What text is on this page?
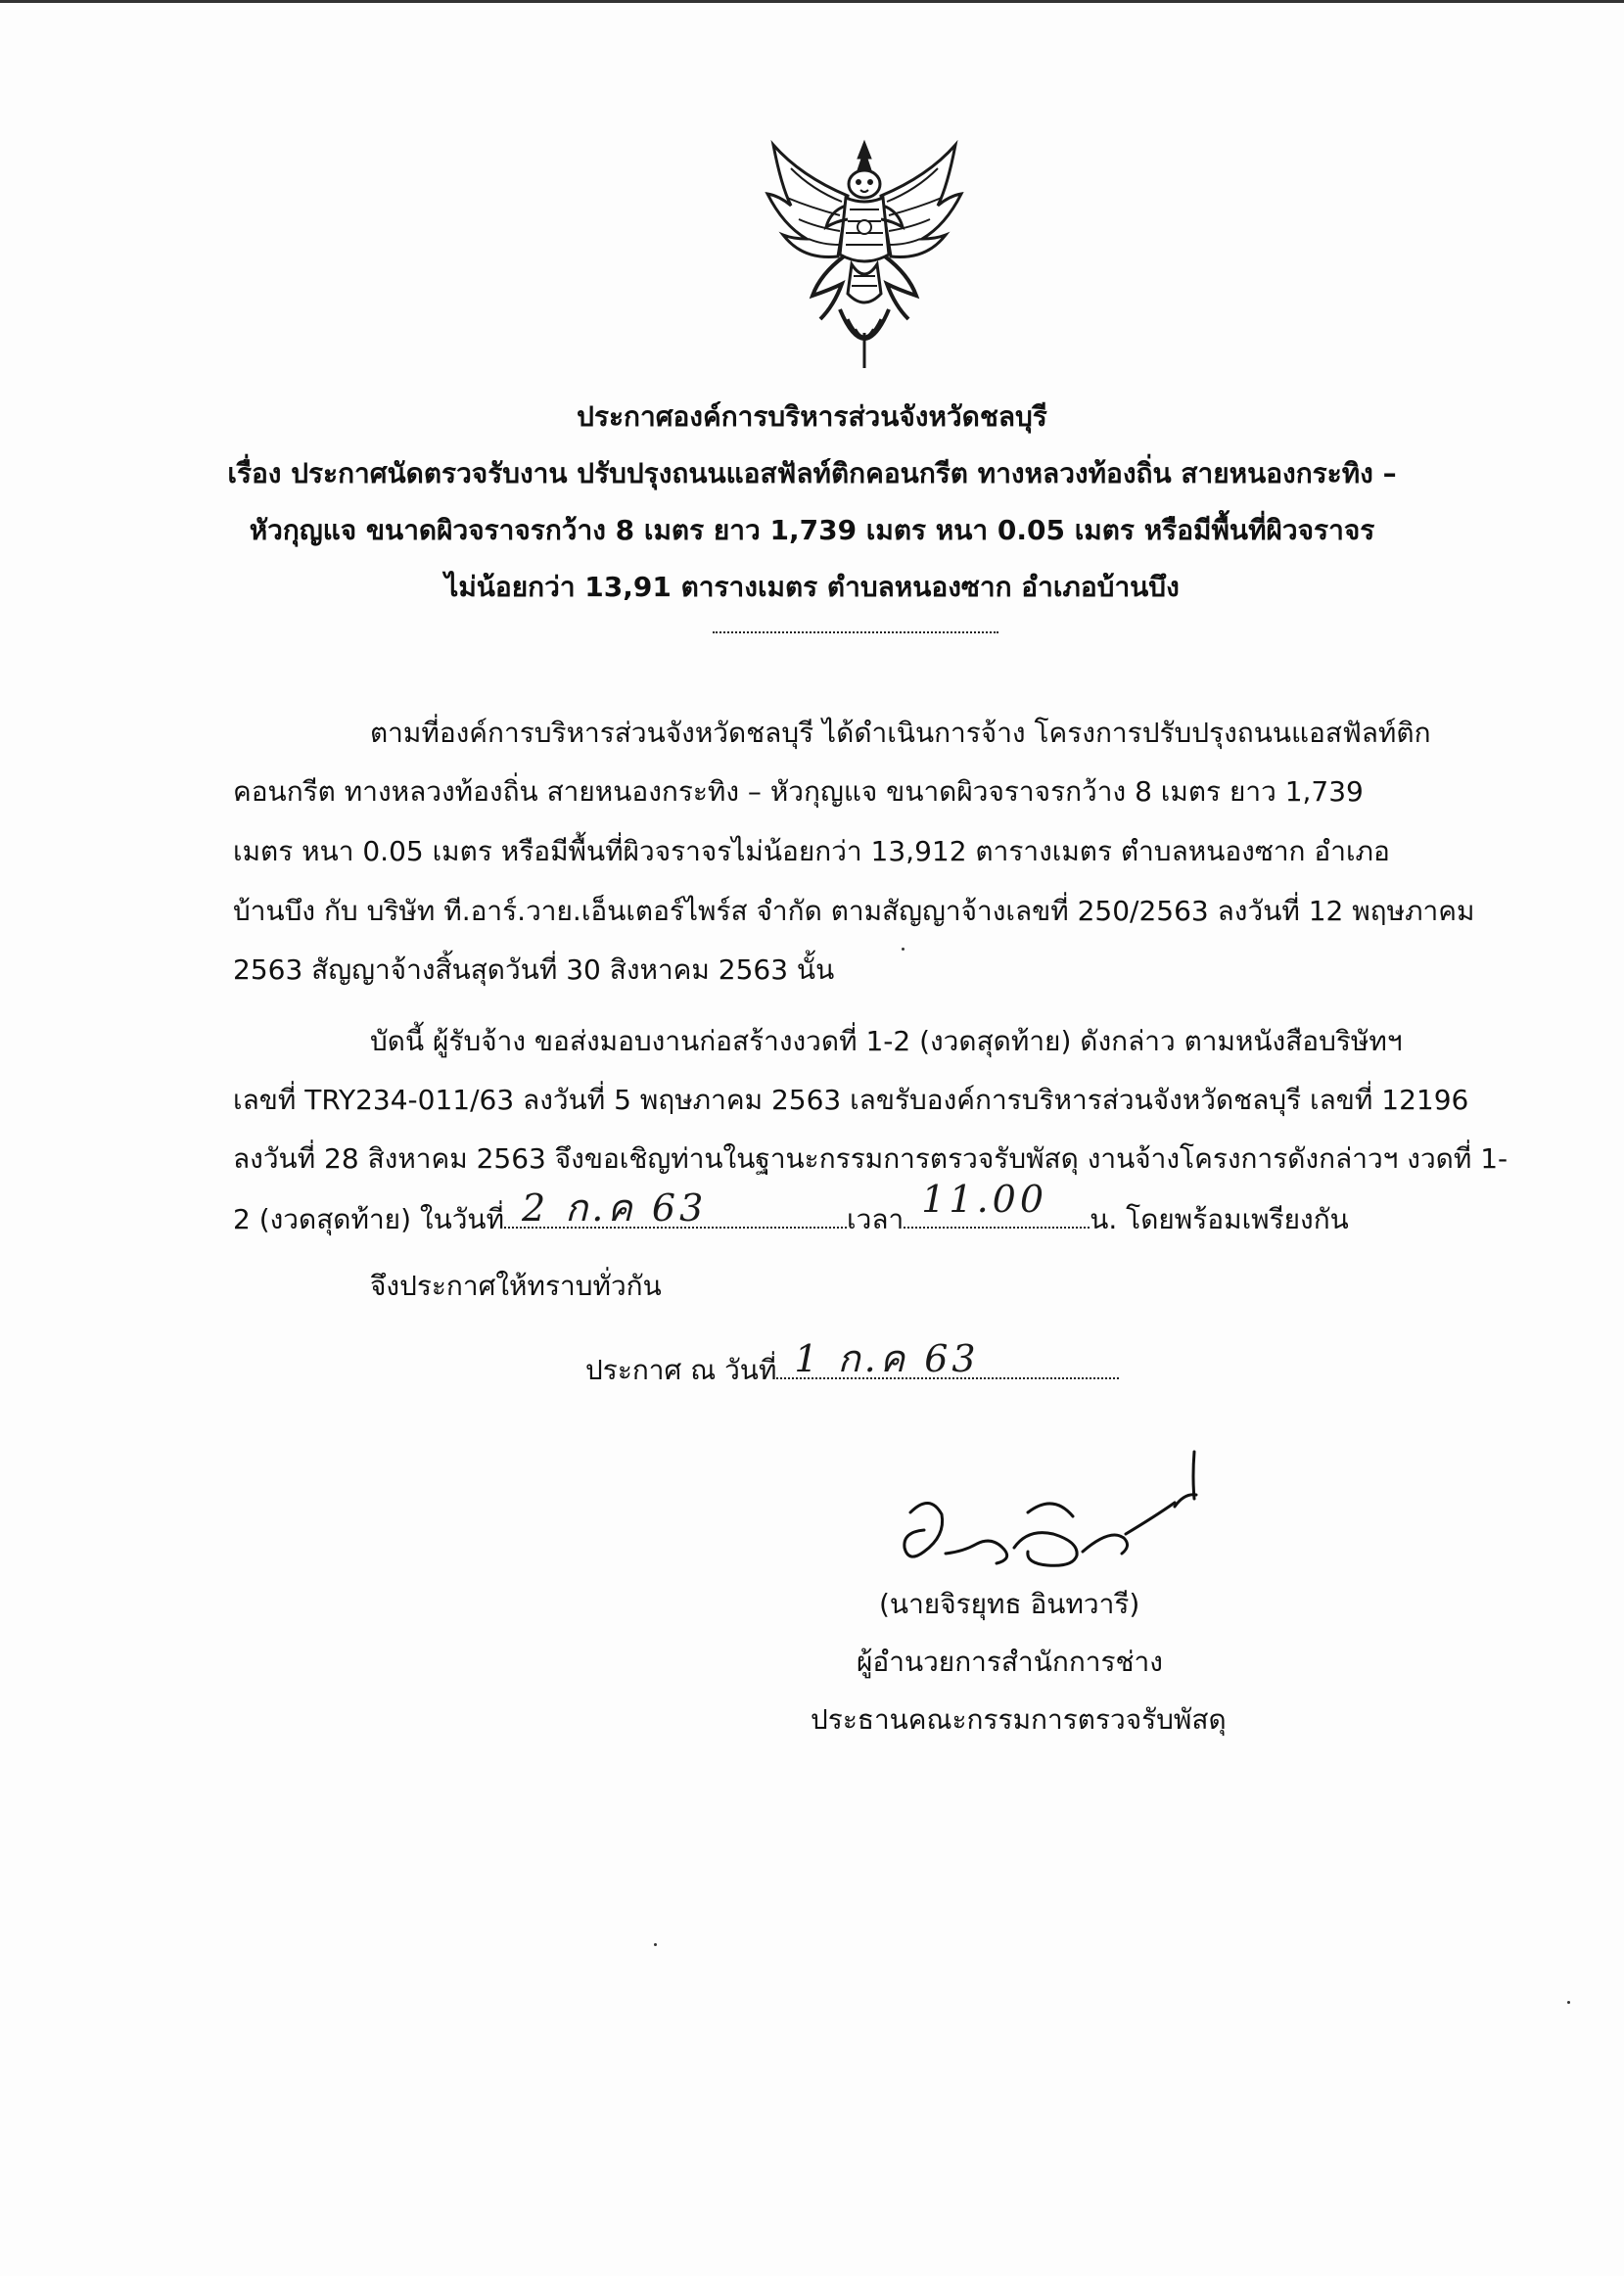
ประกาศองค์การบริหารส่วนจังหวัดชลบุรี
เรื่อง ประกาศนัดตรวจรับงาน ปรับปรุงถนนแอสฟัลท์ติกคอนกรีต ทางหลวงท้องถิ่น สายหนองกระทิง –
หัวกุญแจ ขนาดผิวจราจรกว้าง 8 เมตร ยาว 1,739 เมตร หนา 0.05 เมตร หรือมีพื้นที่ผิวจราจร
ไม่น้อยกว่า 13,91 ตารางเมตร ตำบลหนองซาก อำเภอบ้านบึง
ตามที่องค์การบริหารส่วนจังหวัดชลบุรี ได้ดำเนินการจ้าง โครงการปรับปรุงถนนแอสฟัลท์ติก
คอนกรีต ทางหลวงท้องถิ่น สายหนองกระทิง – หัวกุญแจ ขนาดผิวจราจรกว้าง 8 เมตร ยาว 1,739
เมตร หนา 0.05 เมตร หรือมีพื้นที่ผิวจราจรไม่น้อยกว่า 13,912 ตารางเมตร ตำบลหนองซาก อำเภอ
บ้านบึง กับ บริษัท ที.อาร์.วาย.เอ็นเตอร์ไพร์ส จำกัด ตามสัญญาจ้างเลขที่ 250/2563 ลงวันที่ 12 พฤษภาคม
2563 สัญญาจ้างสิ้นสุดวันที่ 30 สิงหาคม 2563 นั้น
บัดนี้ ผู้รับจ้าง ขอส่งมอบงานก่อสร้างงวดที่ 1-2 (งวดสุดท้าย) ดังกล่าว ตามหนังสือบริษัทฯ
เลขที่ TRY234-011/63 ลงวันที่ 5 พฤษภาคม 2563 เลขรับองค์การบริหารส่วนจังหวัดชลบุรี เลขที่ 12196
ลงวันที่ 28 สิงหาคม 2563 จึงขอเชิญท่านในฐานะกรรมการตรวจรับพัสดุ งานจ้างโครงการดังกล่าวฯ งวดที่ 1-
2 (งวดสุดท้าย) ในวันที่ 2 ก.ค 63	เวลา 11.00 น. โดยพร้อมเพรียงกัน
จึงประกาศให้ทราบทั่วกัน
ประกาศ ณ วันที่ 1 ก.ค 63
(นายจิรยุทธ อินทวารี)
ผู้อำนวยการสำนักการช่าง
ประธานคณะกรรมการตรวจรับพัสดุ
